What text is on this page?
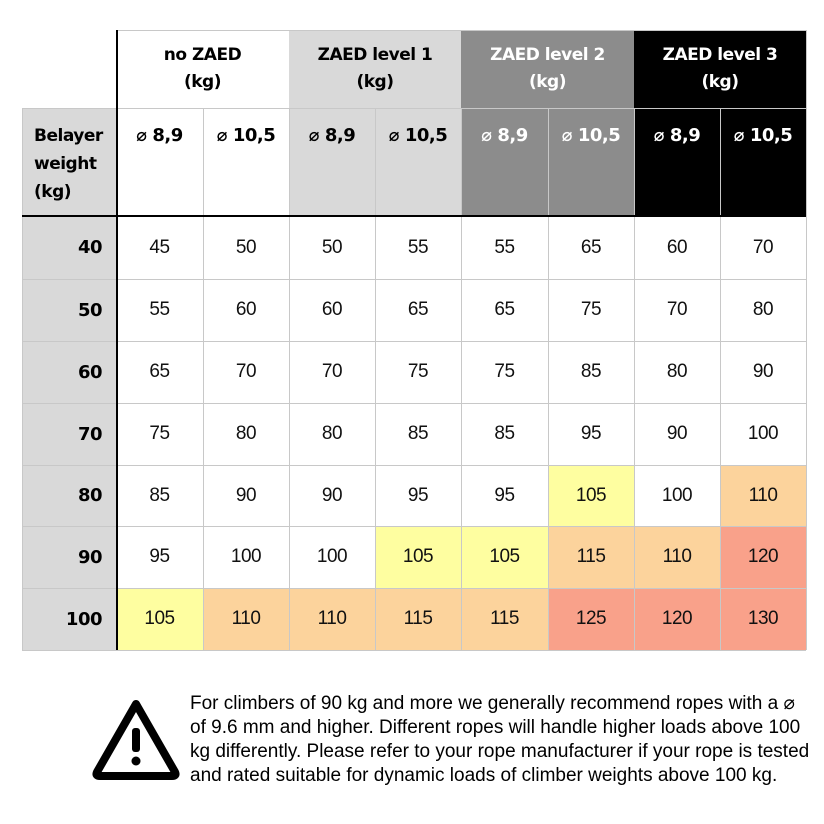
no ZAED
(kg)
ZAED level 1
(kg)
ZAED level 2
(kg)
ZAED level 3
(kg)
Belayer
weight
(kg)
⌀ 8,9	⌀ 10,5	⌀ 8,9	⌀ 10,5	⌀ 8,9	⌀ 10,5	⌀ 8,9	⌀ 10,5
40	45	50	50	55	55	65	60	70
50	55	60	60	65	65	75	70	80
60	65	70	70	75	75	85	80	90
70	75	80	80	85	85	95	90	100
80	85	90	90	95	95	105	100	110
90	95	100	100	105	105	115	110	120
100	105	110	110	115	115	125	120	130
For climbers of 90 kg and more we generally recommend ropes with a ⌀ of 9.6 mm and higher. Different ropes will handle higher loads above 100 kg differently. Please refer to your rope manufacturer if your rope is tested and rated suitable for dynamic loads of climber weights above 100 kg.
